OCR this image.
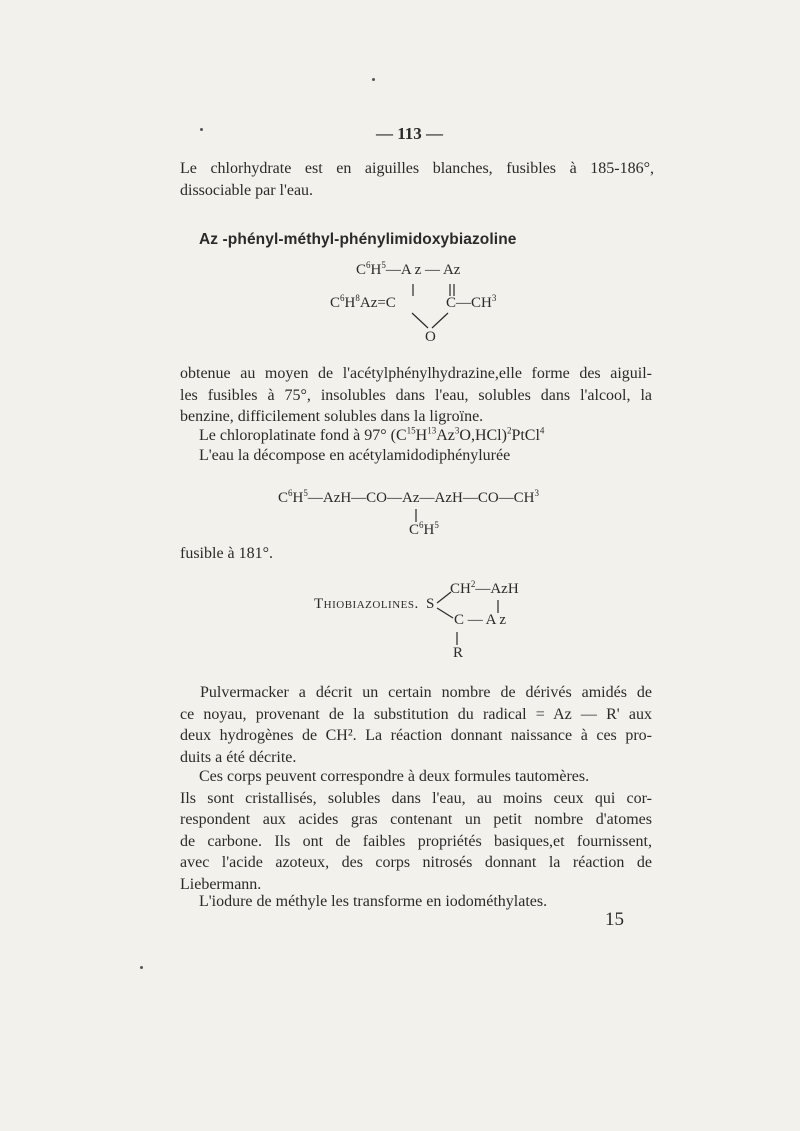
— 113 —
Le chlorhydrate est en aiguilles blanches, fusibles à 185-186°,
dissociable par l'eau.
Az -phényl-méthyl-phénylimidoxybiazoline
$C^6H^5—A$ z — Az
$C^6H^8Az=C$	$C—CH^3$
O
obtenue au moyen de l'acétylphénylhydrazine,elle forme des aiguil-
les fusibles à 75°, insolubles dans l'eau, solubles dans l'alcool, la
benzine, difficilement solubles dans la ligroïne.
Le chloroplatinate fond à 97° $(C^{15}H^{13}Az^3O,HCl)^2PtCl^4$
L'eau la décompose en acétylamidodiphénylurée
$C^6H^5—AzH—CO—Az—AzH—CO—CH^3$
$C^6H^5$
fusible à 181°.
Thiobiazolines. S
$CH^2—AzH$
C — A z
R
Pulvermacker a décrit un certain nombre de dérivés amidés de
ce noyau, provenant de la substitution du radical = Az — R' aux
deux hydrogènes de CH². La réaction donnant naissance à ces pro-
duits a été décrite.
Ces corps peuvent correspondre à deux formules tautomères.
Ils sont cristallisés, solubles dans l'eau, au moins ceux qui cor-
respondent aux acides gras contenant un petit nombre d'atomes
de carbone. Ils ont de faibles propriétés basiques,et fournissent,
avec l'acide azoteux, des corps nitrosés donnant la réaction de
Liebermann.
L'iodure de méthyle les transforme en iodométhylates.
15
